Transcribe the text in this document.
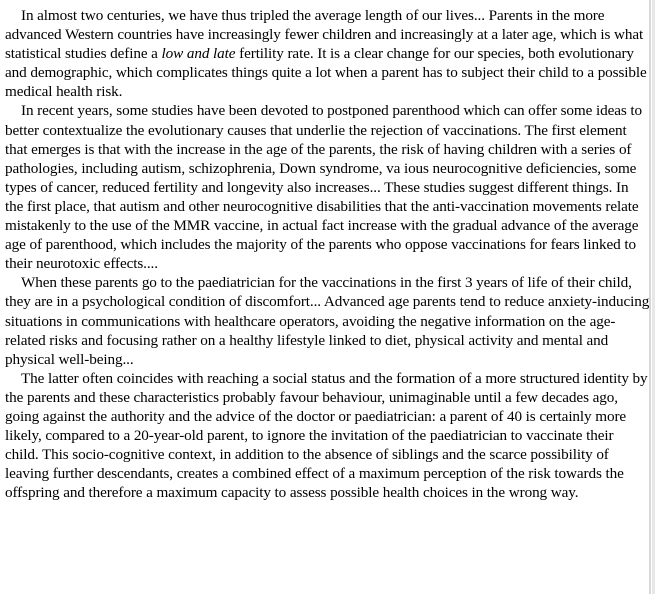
In almost two centuries, we have thus tripled the average length of our lives... Parents in the more advanced Western countries have increasingly fewer children and increasingly at a later age, which is what statistical studies define a low and late fertility rate. It is a clear change for our species, both evolutionary and demographic, which complicates things quite a lot when a parent has to subject their child to a possible medical health risk.

In recent years, some studies have been devoted to postponed parenthood which can offer some ideas to better contextualize the evolutionary causes that underlie the rejection of vaccinations. The first element that emerges is that with the increase in the age of the parents, the risk of having children with a series of pathologies, including autism, schizophrenia, Down syndrome, va ious neurocognitive deficiencies, some types of cancer, reduced fertility and longevity also increases... These studies suggest different things. In the first place, that autism and other neurocognitive disabilities that the anti-vaccination movements relate mistakenly to the use of the MMR vaccine, in actual fact increase with the gradual advance of the average age of parenthood, which includes the majority of the parents who oppose vaccinations for fears linked to their neurotoxic effects....

When these parents go to the paediatrician for the vaccinations in the first 3 years of life of their child, they are in a psychological condition of discomfort... Advanced age parents tend to reduce anxiety-inducing situations in communications with healthcare operators, avoiding the negative information on the age-related risks and focusing rather on a healthy lifestyle linked to diet, physical activity and mental and physical well-being...

The latter often coincides with reaching a social status and the formation of a more structured identity by the parents and these characteristics probably favour behaviour, unimaginable until a few decades ago, going against the authority and the advice of the doctor or paediatrician: a parent of 40 is certainly more likely, compared to a 20-year-old parent, to ignore the invitation of the paediatrician to vaccinate their child. This socio-cognitive context, in addition to the absence of siblings and the scarce possibility of leaving further descendants, creates a combined effect of a maximum perception of the risk towards the offspring and therefore a maximum capacity to assess possible health choices in the wrong way.
